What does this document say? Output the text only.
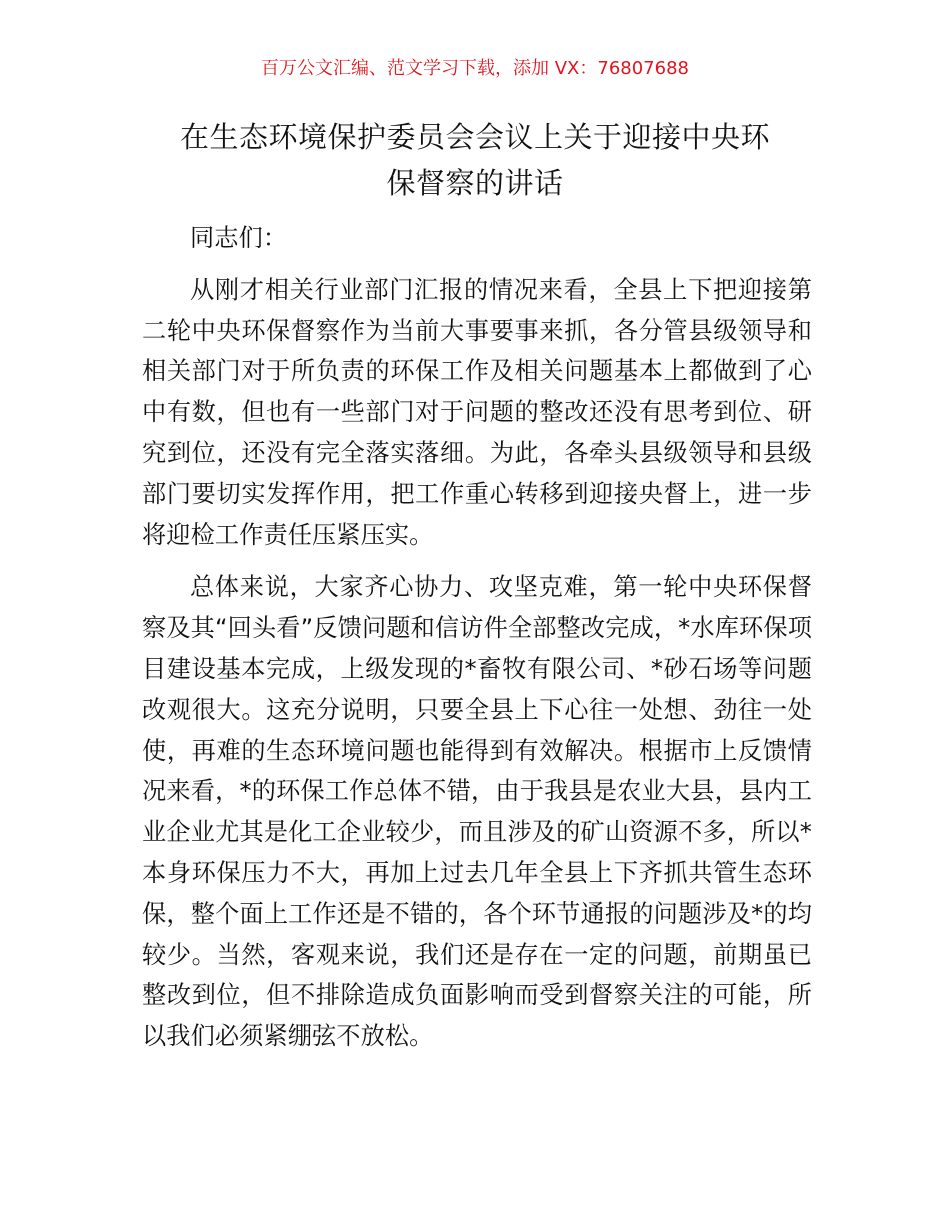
百万公文汇编、范文学习下载，添加 VX：76807688
在生态环境保护委员会会议上关于迎接中央环
保督察的讲话

同志们：

从刚才相关行业部门汇报的情况来看，全县上下把迎接第二轮中央环保督察作为当前大事要事来抓，各分管县级领导和相关部门对于所负责的环保工作及相关问题基本上都做到了心中有数，但也有一些部门对于问题的整改还没有思考到位、研究到位，还没有完全落实落细。为此，各牵头县级领导和县级部门要切实发挥作用，把工作重心转移到迎接央督上，进一步将迎检工作责任压紧压实。

总体来说，大家齐心协力、攻坚克难，第一轮中央环保督察及其“回头看”反馈问题和信访件全部整改完成，*水库环保项目建设基本完成，上级发现的*畜牧有限公司、*砂石场等问题改观很大。这充分说明，只要全县上下心往一处想、劲往一处使，再难的生态环境问题也能得到有效解决。根据市上反馈情况来看，*的环保工作总体不错，由于我县是农业大县，县内工业企业尤其是化工企业较少，而且涉及的矿山资源不多，所以*本身环保压力不大，再加上过去几年全县上下齐抓共管生态环保，整个面上工作还是不错的，各个环节通报的问题涉及*的均较少。当然，客观来说，我们还是存在一定的问题，前期虽已整改到位，但不排除造成负面影响而受到督察关注的可能，所以我们必须紧绷弦不放松。
